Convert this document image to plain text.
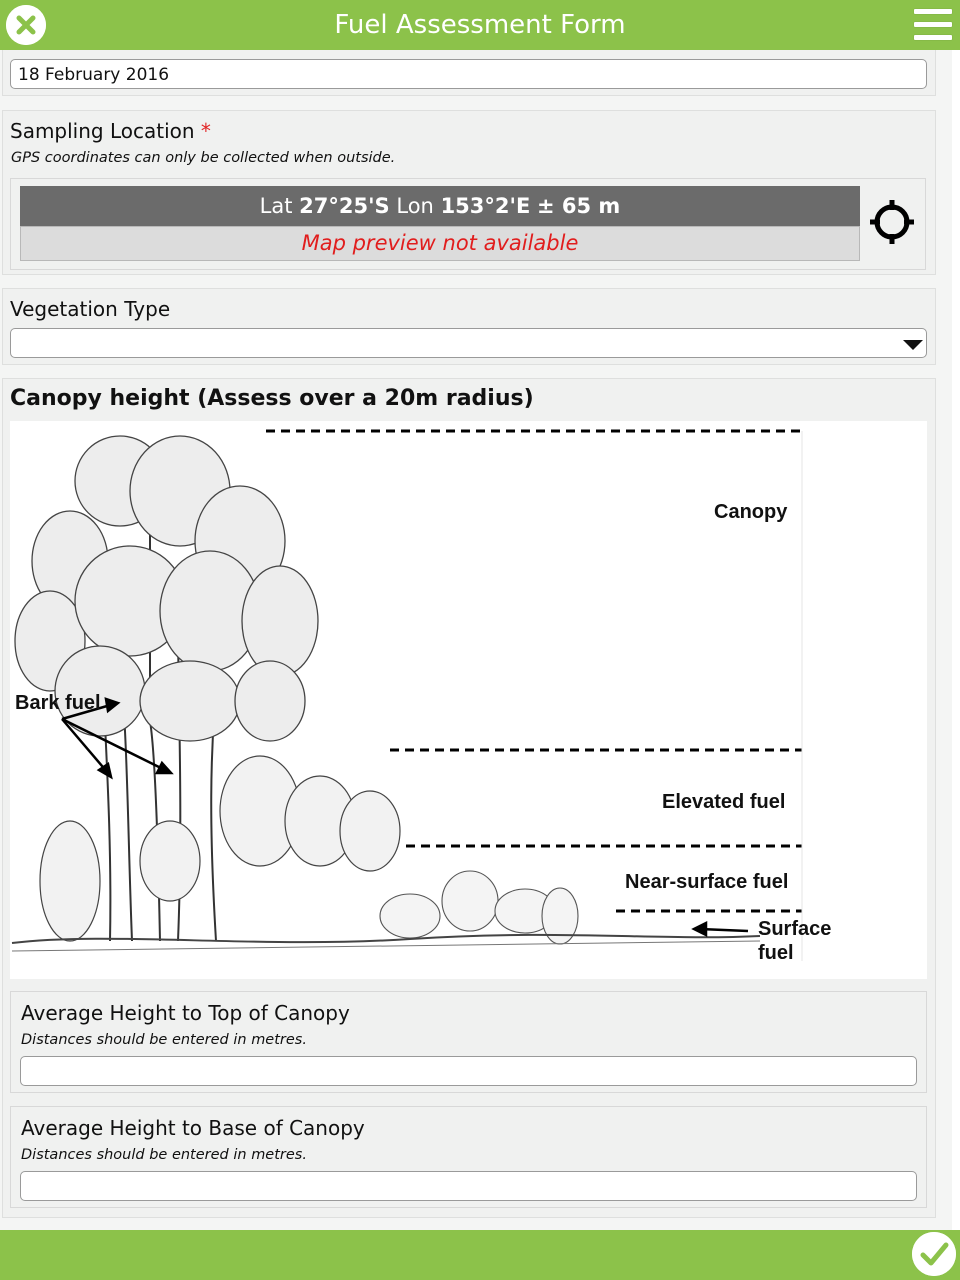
Fuel Assessment Form
18 February 2016
Sampling Location *
GPS coordinates can only be collected when outside.
Lat 27°25'S Lon 153°2'E ± 65 m
Map preview not available
Vegetation Type
Canopy height (Assess over a 20m radius)
Bark fuel
Canopy
Elevated fuel
Near-surface fuel
Surface fuel
Average Height to Top of Canopy
Distances should be entered in metres.
Average Height to Base of Canopy
Distances should be entered in metres.
